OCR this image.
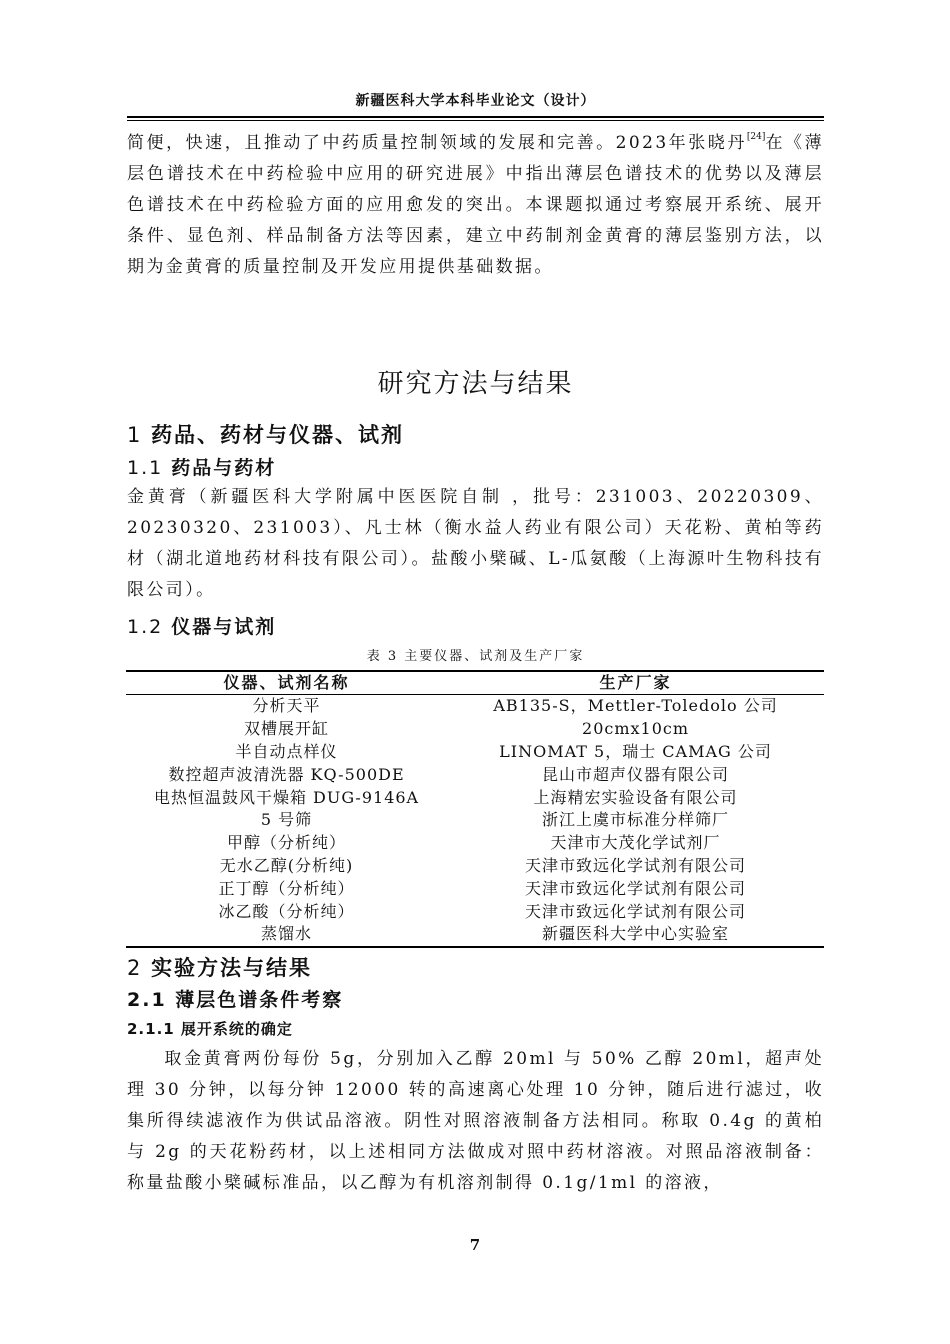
新疆医科大学本科毕业论文（设计）

简便，快速，且推动了中药质量控制领域的发展和完善。2023年张晓丹[24]在《薄层色谱技术在中药检验中应用的研究进展》中指出薄层色谱技术的优势以及薄层色谱技术在中药检验方面的应用愈发的突出。本课题拟通过考察展开系统、展开条件、显色剂、样品制备方法等因素，建立中药制剂金黄膏的薄层鉴别方法，以期为金黄膏的质量控制及开发应用提供基础数据。

研究方法与结果
1 药品、药材与仪器、试剂
1.1 药品与药材

金黄膏（新疆医科大学附属中医医院自制 ，批号：231003、20220309、20230320、231003）、凡士林（衡水益人药业有限公司）天花粉、黄柏等药材（湖北道地药材科技有限公司）。盐酸小檗碱、L-瓜氨酸（上海源叶生物科技有限公司）。

1.2 仪器与试剂
表 3 主要仪器、试剂及生产厂家
仪器、试剂名称	生产厂家
分析天平	AB135-S，Mettler-Toledolo 公司
双槽展开缸	20cmx10cm
半自动点样仪	LINOMAT 5，瑞士 CAMAG 公司
数控超声波清洗器 KQ-500DE	昆山市超声仪器有限公司
电热恒温鼓风干燥箱 DUG-9146A	上海精宏实验设备有限公司
5 号筛	浙江上虞市标准分样筛厂
甲醇（分析纯）	天津市大茂化学试剂厂
无水乙醇(分析纯)	天津市致远化学试剂有限公司
正丁醇（分析纯）	天津市致远化学试剂有限公司
冰乙酸（分析纯）	天津市致远化学试剂有限公司
蒸馏水	新疆医科大学中心实验室
2 实验方法与结果
2.1 薄层色谱条件考察
2.1.1 展开系统的确定

取金黄膏两份每份 5g，分别加入乙醇 20ml 与 50% 乙醇 20ml，超声处理 30 分钟，以每分钟 12000 转的高速离心处理 10 分钟，随后进行滤过，收集所得续滤液作为供试品溶液。阴性对照溶液制备方法相同。称取 0.4g 的黄柏与 2g 的天花粉药材，以上述相同方法做成对照中药材溶液。对照品溶液制备：称量盐酸小檗碱标准品，以乙醇为有机溶剂制得 0.1g/1ml 的溶液，

7
